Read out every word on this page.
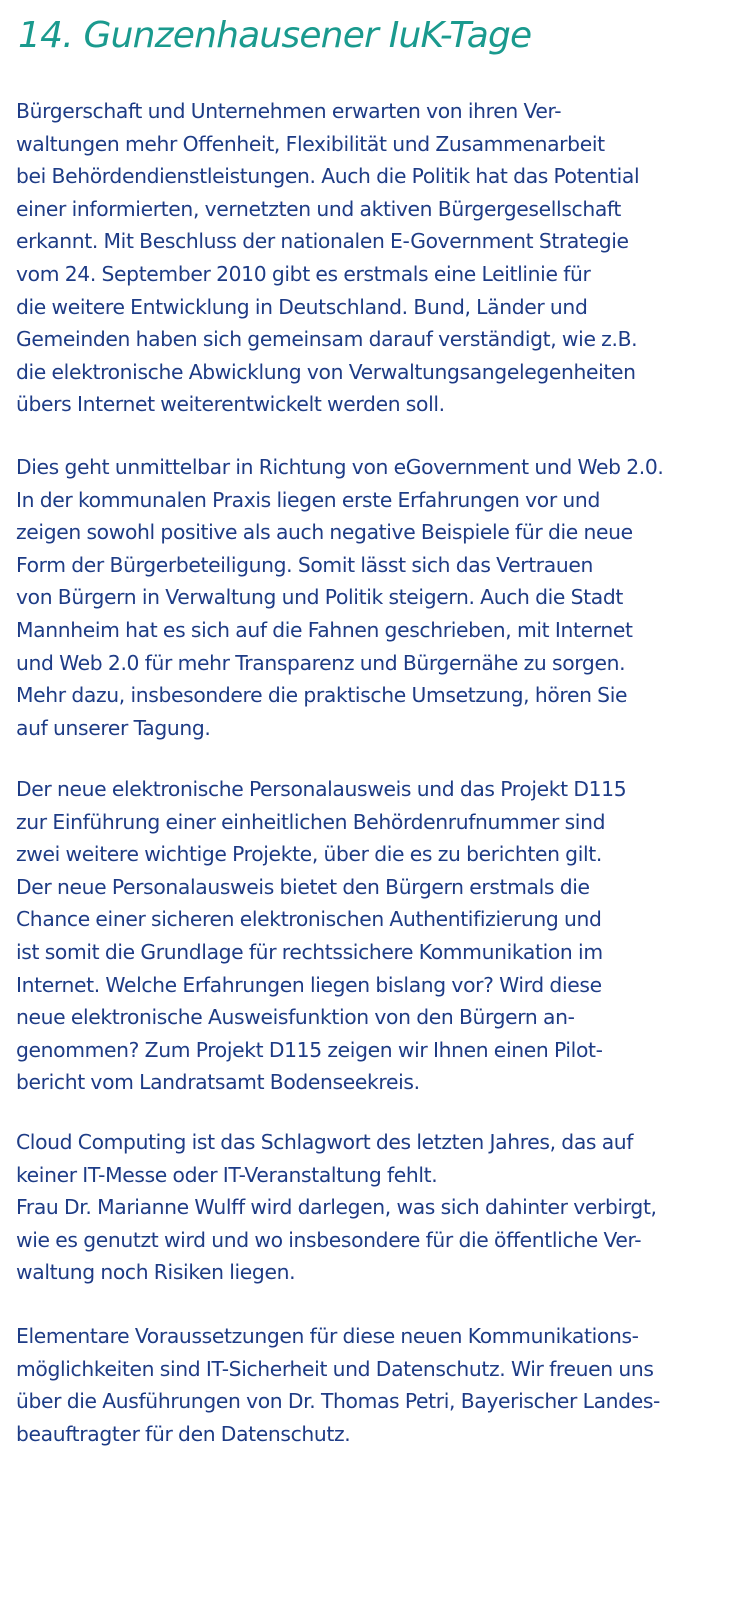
14. Gunzenhausener IuK-Tage
Bürgerschaft und Unternehmen erwarten von ihren Ver-
waltungen mehr Offenheit, Flexibilität und Zusammenarbeit
bei Behördendienstleistungen. Auch die Politik hat das Potential
einer informierten, vernetzten und aktiven Bürgergesellschaft
erkannt. Mit Beschluss der nationalen E-Government Strategie
vom 24. September 2010 gibt es erstmals eine Leitlinie für
die weitere Entwicklung in Deutschland. Bund, Länder und
Gemeinden haben sich gemeinsam darauf verständigt, wie z.B.
die elektronische Abwicklung von Verwaltungsangelegenheiten
übers Internet weiterentwickelt werden soll.
Dies geht unmittelbar in Richtung von eGovernment und Web 2.0.
In der kommunalen Praxis liegen erste Erfahrungen vor und
zeigen sowohl positive als auch negative Beispiele für die neue
Form der Bürgerbeteiligung. Somit lässt sich das Vertrauen
von Bürgern in Verwaltung und Politik steigern. Auch die Stadt
Mannheim hat es sich auf die Fahnen geschrieben, mit Internet
und Web 2.0 für mehr Transparenz und Bürgernähe zu sorgen.
Mehr dazu, insbesondere die praktische Umsetzung, hören Sie
auf unserer Tagung.
Der neue elektronische Personalausweis und das Projekt D115
zur Einführung einer einheitlichen Behördenrufnummer sind
zwei weitere wichtige Projekte, über die es zu berichten gilt.
Der neue Personalausweis bietet den Bürgern erstmals die
Chance einer sicheren elektronischen Authentifizierung und
ist somit die Grundlage für rechtssichere Kommunikation im
Internet. Welche Erfahrungen liegen bislang vor? Wird diese
neue elektronische Ausweisfunktion von den Bürgern an-
genommen? Zum Projekt D115 zeigen wir Ihnen einen Pilot-
bericht vom Landratsamt Bodenseekreis.
Cloud Computing ist das Schlagwort des letzten Jahres, das auf
keiner IT-Messe oder IT-Veranstaltung fehlt.
Frau Dr. Marianne Wulff wird darlegen, was sich dahinter verbirgt,
wie es genutzt wird und wo insbesondere für die öffentliche Ver-
waltung noch Risiken liegen.
Elementare Voraussetzungen für diese neuen Kommunikations-
möglichkeiten sind IT-Sicherheit und Datenschutz. Wir freuen uns
über die Ausführungen von Dr. Thomas Petri, Bayerischer Landes-
beauftragter für den Datenschutz.
